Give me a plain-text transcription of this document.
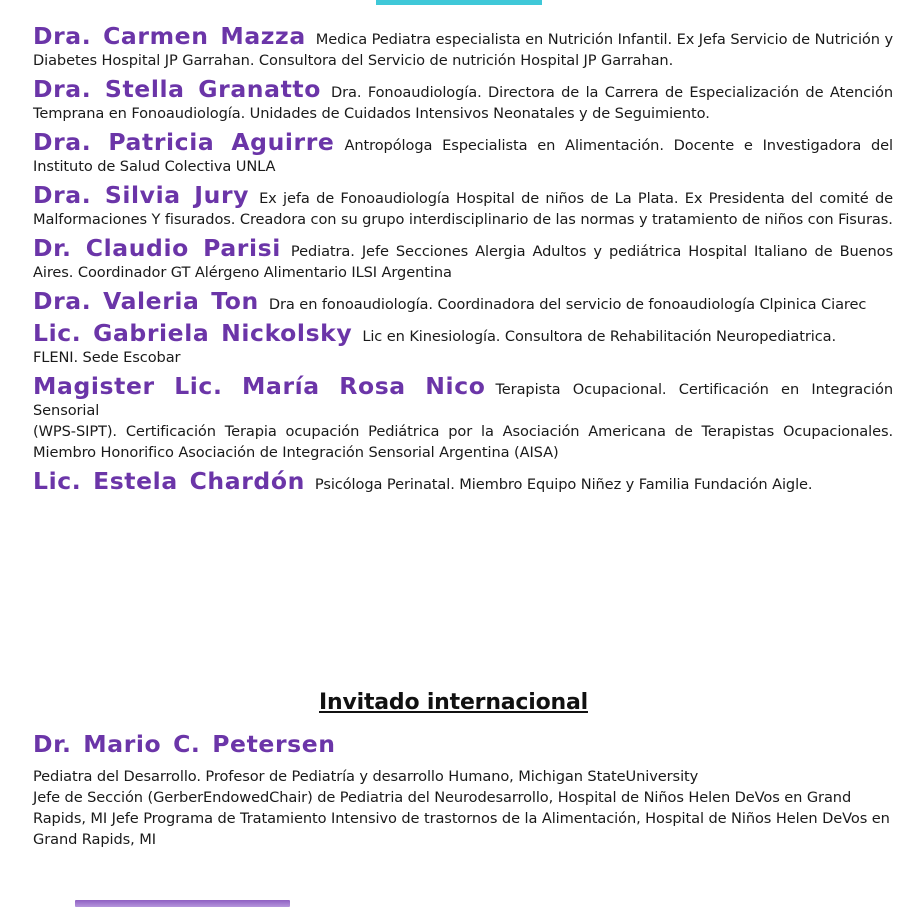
Dra. Carmen Mazza Medica Pediatra especialista en Nutrición Infantil. Ex Jefa Servicio de Nutrición y Diabetes Hospital JP Garrahan. Consultora del Servicio de nutrición Hospital JP Garrahan.
Dra. Stella Granatto Dra. Fonoaudiología. Directora de la Carrera de Especialización de Atención Temprana en Fonoaudiología. Unidades de Cuidados Intensivos Neonatales y de Seguimiento.
Dra. Patricia Aguirre Antropóloga Especialista en Alimentación. Docente e Investigadora del Instituto de Salud Colectiva UNLA
Dra. Silvia Jury Ex jefa de Fonoaudiología Hospital de niños de La Plata. Ex Presidenta del comité de Malformaciones Y fisurados. Creadora con su grupo interdisciplinario de las normas y tratamiento de niños con Fisuras.
Dr. Claudio Parisi Pediatra. Jefe Secciones Alergia Adultos y pediátrica Hospital Italiano de Buenos Aires. Coordinador GT Alérgeno Alimentario ILSI Argentina
Dra. Valeria Ton Dra en fonoaudiología. Coordinadora del servicio de fonoaudiología Clpinica Ciarec
Lic. Gabriela Nickolsky Lic en Kinesiología. Consultora de Rehabilitación Neuropediatrica.
FLENI. Sede Escobar
Magister Lic. María Rosa Nico Terapista Ocupacional. Certificación en Integración Sensorial
(WPS-SIPT). Certificación Terapia ocupación Pediátrica por la Asociación Americana de Terapistas Ocupacionales. Miembro Honorifico Asociación de Integración Sensorial Argentina (AISA)
Lic. Estela Chardón Psicóloga Perinatal. Miembro Equipo Niñez y Familia Fundación Aigle.
Invitado internacional
Dr. Mario C. Petersen
Pediatra del Desarrollo. Profesor de Pediatría y desarrollo Humano, Michigan StateUniversity
Jefe de Sección (GerberEndowedChair) de Pediatria del Neurodesarrollo, Hospital de Niños Helen DeVos en Grand Rapids, MI Jefe Programa de Tratamiento Intensivo de trastornos de la Alimentación, Hospital de Niños Helen DeVos en Grand Rapids, MI
